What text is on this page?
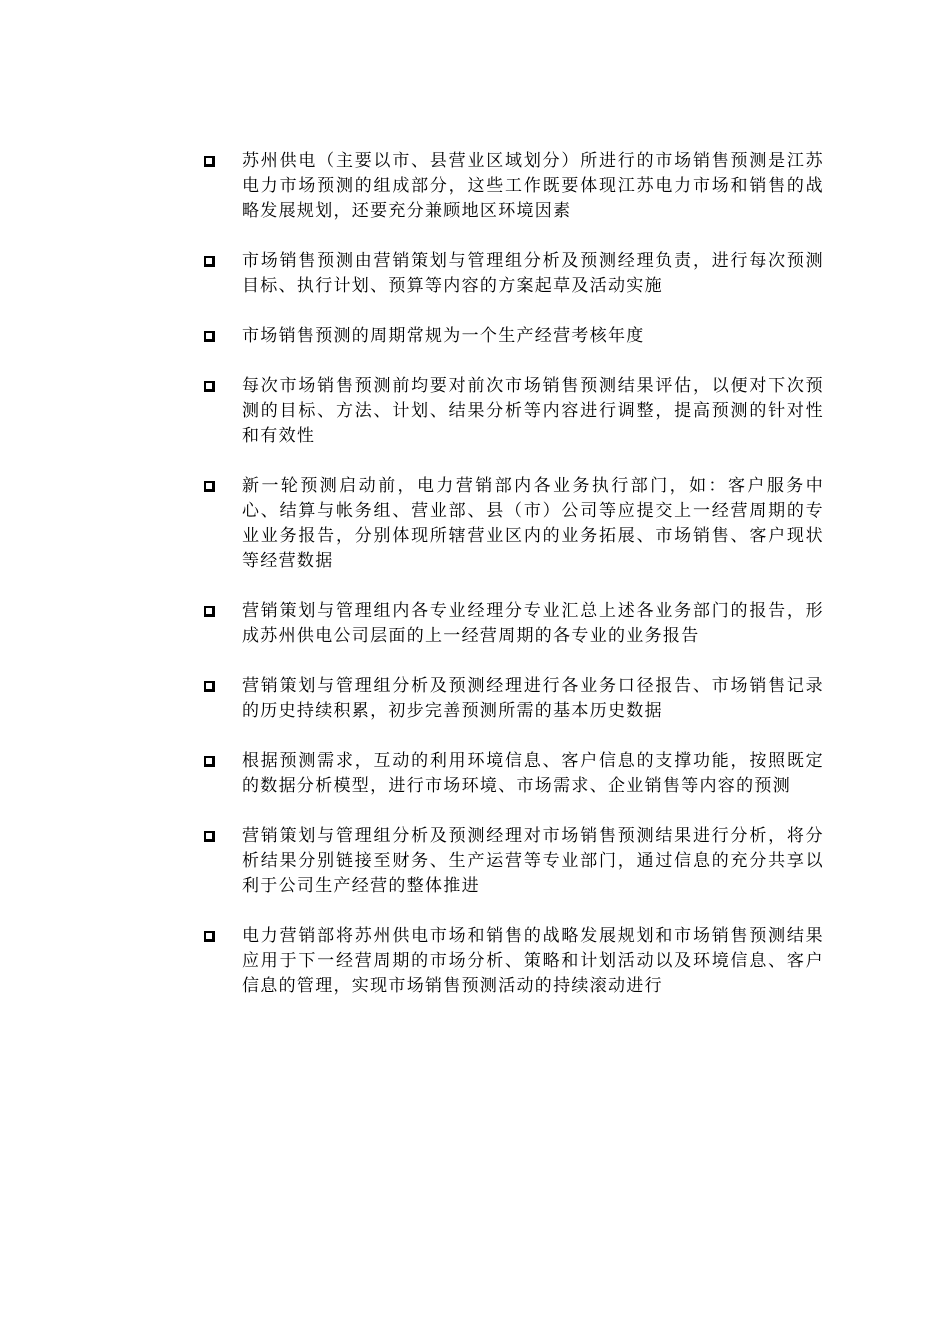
苏州供电（主要以市、县营业区域划分）所进行的市场销售预测是江苏电力市场预测的组成部分，这些工作既要体现江苏电力市场和销售的战略发展规划，还要充分兼顾地区环境因素
市场销售预测由营销策划与管理组分析及预测经理负责，进行每次预测目标、执行计划、预算等内容的方案起草及活动实施
市场销售预测的周期常规为一个生产经营考核年度
每次市场销售预测前均要对前次市场销售预测结果评估，以便对下次预测的目标、方法、计划、结果分析等内容进行调整，提高预测的针对性和有效性
新一轮预测启动前，电力营销部内各业务执行部门，如：客户服务中心、结算与帐务组、营业部、县（市）公司等应提交上一经营周期的专业业务报告，分别体现所辖营业区内的业务拓展、市场销售、客户现状等经营数据
营销策划与管理组内各专业经理分专业汇总上述各业务部门的报告，形成苏州供电公司层面的上一经营周期的各专业的业务报告
营销策划与管理组分析及预测经理进行各业务口径报告、市场销售记录的历史持续积累，初步完善预测所需的基本历史数据
根据预测需求，互动的利用环境信息、客户信息的支撑功能，按照既定的数据分析模型，进行市场环境、市场需求、企业销售等内容的预测
营销策划与管理组分析及预测经理对市场销售预测结果进行分析，将分析结果分别链接至财务、生产运营等专业部门，通过信息的充分共享以利于公司生产经营的整体推进
电力营销部将苏州供电市场和销售的战略发展规划和市场销售预测结果应用于下一经营周期的市场分析、策略和计划活动以及环境信息、客户信息的管理，实现市场销售预测活动的持续滚动进行
